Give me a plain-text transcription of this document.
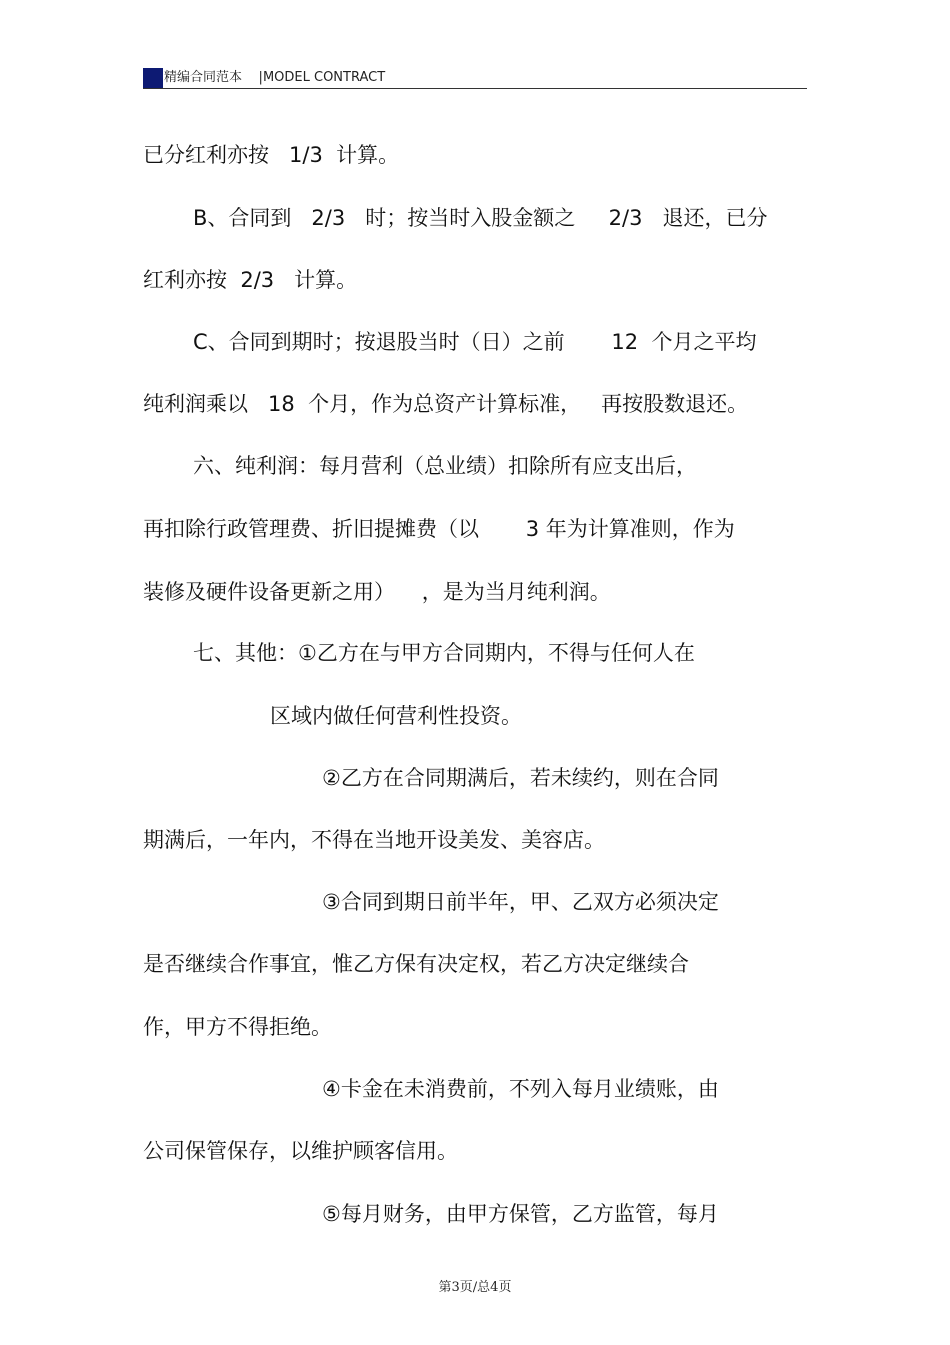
精编合同范本 |MODEL CONTRACT
已分红利亦按   1/3  计算。
B、合同到   2/3   时；按当时入股金额之     2/3   退还，已分
红利亦按  2/3   计算。
C、合同到期时；按退股当时（日）之前       12  个月之平均
纯利润乘以   18  个月，作为总资产计算标准，   再按股数退还。
六、纯利润：每月营利（总业绩）扣除所有应支出后，
再扣除行政管理费、折旧提摊费（以       3 年为计算准则，作为
装修及硬件设备更新之用）    ，是为当月纯利润。
七、其他：①乙方在与甲方合同期内，不得与任何人在
区域内做任何营利性投资。
②乙方在合同期满后，若未续约，则在合同
期满后，一年内，不得在当地开设美发、美容店。
③合同到期日前半年，甲、乙双方必须决定
是否继续合作事宜，惟乙方保有决定权，若乙方决定继续合
作，甲方不得拒绝。
④卡金在未消费前，不列入每月业绩账，由
公司保管保存，以维护顾客信用。
⑤每月财务，由甲方保管，乙方监管，每月
第3页/总4页
